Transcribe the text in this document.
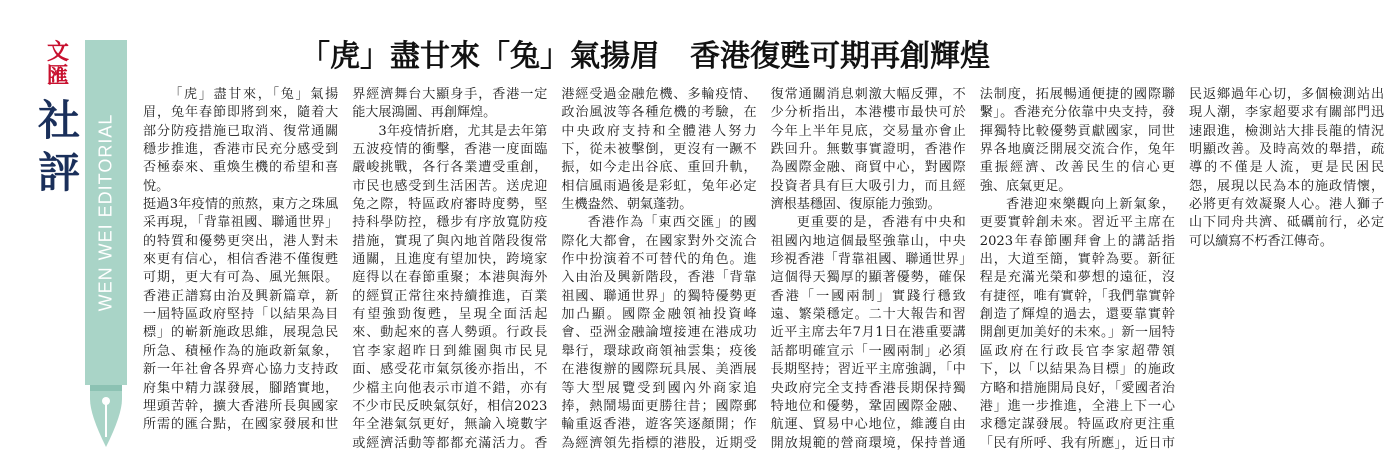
文
匯
社
評 WEN WEI EDITORIAL
「虎」盡甘來「兔」氣揚眉　香港復甦可期再創輝煌

「虎」盡甘來，「兔」氣揚眉，兔年春節即將到來，隨着大部分防疫措施已取消、復常通關穩步推進，香港市民充分感受到否極泰來、重煥生機的希望和喜悅。

挺過3年疫情的煎熬，東方之珠風采再現，「背靠祖國、聯通世界」的特質和優勢更突出，港人對未來更有信心，相信香港不僅復甦可期，更大有可為、風光無限。香港正譜寫由治及興新篇章，新一屆特區政府堅持「以結果為目標」的嶄新施政思維，展現急民所急、積極作為的施政新氣象，新一年社會各界齊心協力支持政府集中精力謀發展，腳踏實地，埋頭苦幹，擴大香港所長與國家所需的匯合點，在國家發展和世界經濟舞台大顯身手，香港一定能大展鴻圖、再創輝煌。

3年疫情折磨，尤其是去年第五波疫情的衝擊，香港一度面臨嚴峻挑戰，各行各業遭受重創，市民也感受到生活困苦。送虎迎兔之際，特區政府審時度勢，堅持科學防控，穩步有序放寬防疫措施，實現了與內地首階段復常通關，且進度有望加快，跨境家庭得以在春節重聚；本港與海外的經貿正常往來持續推進，百業有望強勁復甦，呈現全面活起來、動起來的喜人勢頭。行政長官李家超昨日到維園與市民見面、感受花市氣氛後亦指出，不少檔主向他表示市道不錯，亦有不少市民反映氣氛好，相信2023年全港氣氛更好，無論入境數字或經濟活動等都都充滿活力。香港經受過金融危機、多輪疫情、政治風波等各種危機的考驗，在中央政府支持和全體港人努力下，從未被擊倒，更沒有一蹶不振，如今走出谷底、重回升軌，相信風雨過後是彩虹，兔年必定生機盎然、朝氣蓬勃。

香港作為「東西交匯」的國際化大都會，在國家對外交流合作中扮演着不可替代的角色。進入由治及興新階段，香港「背靠祖國、聯通世界」的獨特優勢更加凸顯。國際金融領袖投資峰會、亞洲金融論壇接連在港成功舉行，環球政商領袖雲集；疫後在港復辦的國際玩具展、美酒展等大型展覽受到國內外商家追捧，熱鬧場面更勝往昔；國際郵輪重返香港，遊客笑逐顏開；作為經濟領先指標的港股，近期受復常通關消息刺激大幅反彈，不少分析指出，本港樓市最快可於今年上半年見底，交易量亦會止跌回升。無數事實證明，香港作為國際金融、商貿中心，對國際投資者具有巨大吸引力，而且經濟根基穩固、復原能力強勁。

更重要的是，香港有中央和祖國內地這個最堅強靠山，中央珍視香港「背靠祖國、聯通世界」這個得天獨厚的顯著優勢，確保香港「一國兩制」實踐行穩致遠、繁榮穩定。二十大報告和習近平主席去年7月1日在港重要講話都明確宣示「一國兩制」必須長期堅持；習近平主席強調，「中央政府完全支持香港長期保持獨特地位和優勢，鞏固國際金融、航運、貿易中心地位，維護自由開放規範的營商環境，保持普通法制度，拓展暢通便捷的國際聯繫」。香港充分依靠中央支持，發揮獨特比較優勢貢獻國家，同世界各地廣泛開展交流合作，兔年重振經濟、改善民生的信心更強、底氣更足。

香港迎來樂觀向上新氣象，更要實幹創未來。習近平主席在2023年春節團拜會上的講話指出，大道至簡，實幹為要。新征程是充滿光榮和夢想的遠征，沒有捷徑，唯有實幹，「我們靠實幹創造了輝煌的過去，還要靠實幹開創更加美好的未來。」新一屆特區政府在行政長官李家超帶領下，以「以結果為目標」的施政方略和措施開局良好，「愛國者治港」進一步推進，全港上下一心求穩定謀發展。特區政府更注重「民有所呼、我有所應」，近日市民返鄉過年心切，多個檢測站出現人潮，李家超要求有關部門迅速跟進，檢測站大排長龍的情況明顯改善。及時高效的舉措，疏導的不僅是人流，更是民困民怨，展現以民為本的施政情懷，必將更有效凝聚人心。港人獅子山下同舟共濟、砥礪前行，必定可以續寫不朽香江傳奇。
